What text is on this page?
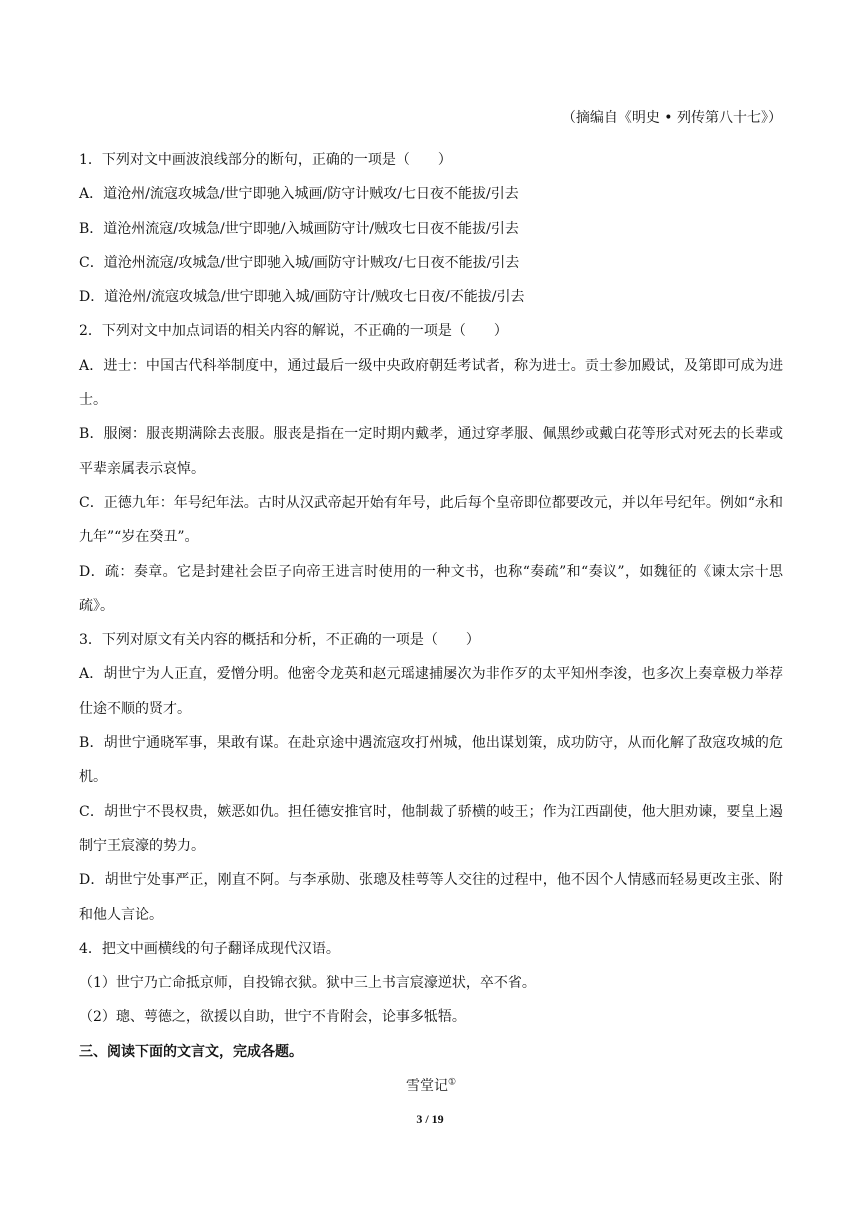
（摘编自《明史 • 列传第八十七》）

1．下列对文中画波浪线部分的断句，正确的一项是（　　）

A．道沧州/流寇攻城急/世宁即驰入城画/防守计贼攻/七日夜不能拔/引去

B．道沧州流寇/攻城急/世宁即驰/入城画防守计/贼攻七日夜不能拔/引去

C．道沧州流寇/攻城急/世宁即驰入城/画防守计贼攻/七日夜不能拔/引去

D．道沧州/流寇攻城急/世宁即驰入城/画防守计/贼攻七日夜/不能拔/引去

2．下列对文中加点词语的相关内容的解说，不正确的一项是（　　）

A．进士：中国古代科举制度中，通过最后一级中央政府朝廷考试者，称为进士。贡士参加殿试，及第即可成为进士。

B．服阕：服丧期满除去丧服。服丧是指在一定时期内戴孝，通过穿孝服、佩黑纱或戴白花等形式对死去的长辈或平辈亲属表示哀悼。

C．正德九年：年号纪年法。古时从汉武帝起开始有年号，此后每个皇帝即位都要改元，并以年号纪年。例如“永和九年”“岁在癸丑”。

D．疏：奏章。它是封建社会臣子向帝王进言时使用的一种文书，也称“奏疏”和“奏议”，如魏征的《谏太宗十思疏》。

3．下列对原文有关内容的概括和分析，不正确的一项是（　　）

A．胡世宁为人正直，爱憎分明。他密令龙英和赵元瑶逮捕屡次为非作歹的太平知州李浚，也多次上奏章极力举荐仕途不顺的贤才。

B．胡世宁通晓军事，果敢有谋。在赴京途中遇流寇攻打州城，他出谋划策，成功防守，从而化解了敌寇攻城的危机。

C．胡世宁不畏权贵，嫉恶如仇。担任德安推官时，他制裁了骄横的岐王；作为江西副使，他大胆劝谏，要皇上遏制宁王宸濠的势力。

D．胡世宁处事严正，刚直不阿。与李承勋、张璁及桂萼等人交往的过程中，他不因个人情感而轻易更改主张、附和他人言论。

4．把文中画横线的句子翻译成现代汉语。

（1）世宁乃亡命抵京师，自投锦衣狱。狱中三上书言宸濠逆状，卒不省。

（2）璁、萼德之，欲援以自助，世宁不肯附会，论事多牴牾。

三、阅读下面的文言文，完成各题。

雪堂记①

3 / 19
